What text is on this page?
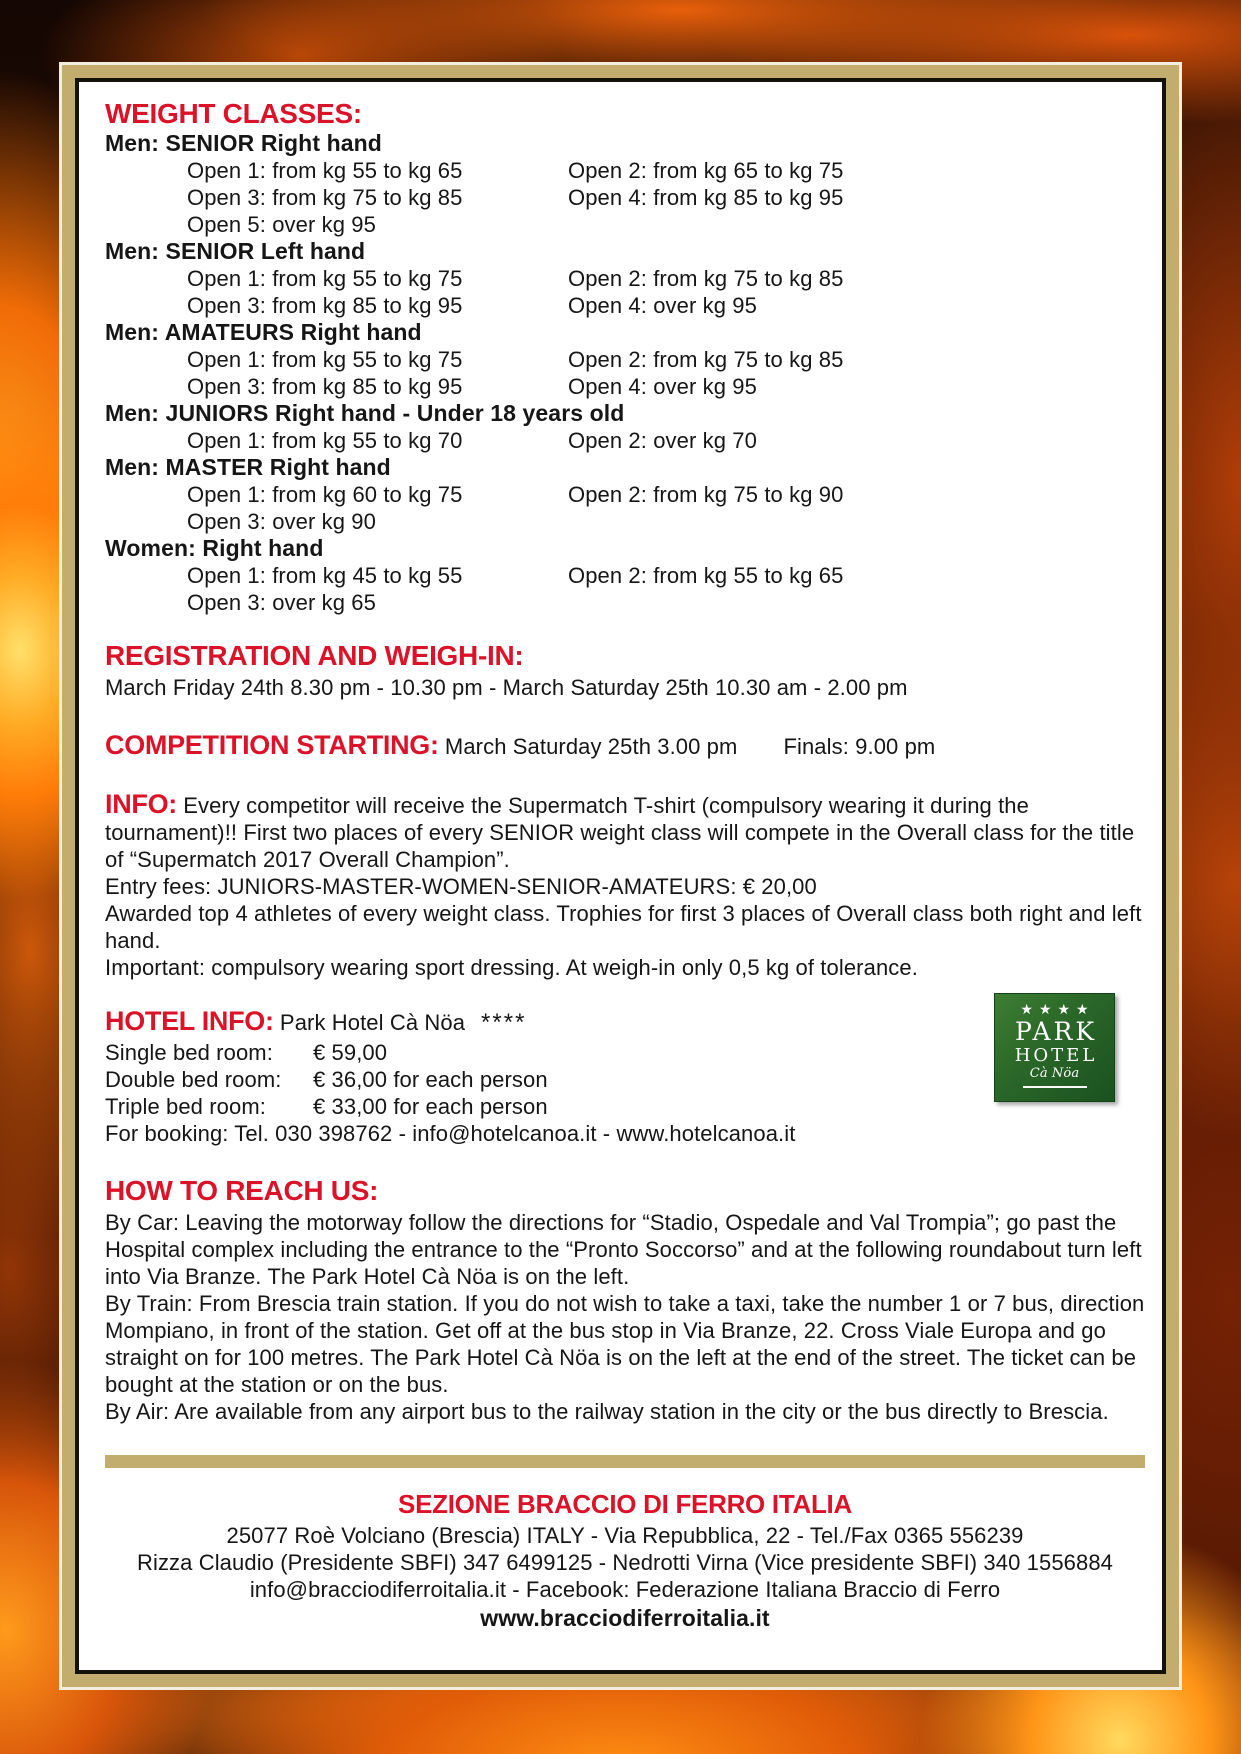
WEIGHT CLASSES:
Men: SENIOR Right hand
Open 1: from kg 55 to kg 65	Open 2: from kg 65 to kg 75
Open 3: from kg 75 to kg 85	Open 4: from kg 85 to kg 95
Open 5: over kg 95
Men: SENIOR Left hand
Open 1: from kg 55 to kg 75	Open 2: from kg 75 to kg 85
Open 3: from kg 85 to kg 95	Open 4: over kg 95
Men: AMATEURS Right hand
Open 1: from kg 55 to kg 75	Open 2: from kg 75 to kg 85
Open 3: from kg 85 to kg 95	Open 4: over kg 95
Men: JUNIORS Right hand - Under 18 years old
Open 1: from kg 55 to kg 70	Open 2: over kg 70
Men: MASTER Right hand
Open 1: from kg 60 to kg 75	Open 2: from kg 75 to kg 90
Open 3: over kg 90
Women: Right hand
Open 1: from kg 45 to kg 55	Open 2: from kg 55 to kg 65
Open 3: over kg 65
REGISTRATION AND WEIGH-IN:
March Friday 24th 8.30 pm - 10.30 pm - March Saturday 25th 10.30 am - 2.00 pm
COMPETITION STARTING: March Saturday 25th 3.00 pm Finals: 9.00 pm

INFO: Every competitor will receive the Supermatch T-shirt (compulsory wearing it during the tournament)!! First two places of every SENIOR weight class will compete in the Overall class for the title of “Supermatch 2017 Overall Champion”.

Entry fees: JUNIORS-MASTER-WOMEN-SENIOR-AMATEURS: € 20,00
Awarded top 4 athletes of every weight class. Trophies for first 3 places of Overall class both right and left hand.
Important: compulsory wearing sport dressing. At weigh-in only 0,5 kg of tolerance.
HOTEL INFO: Park Hotel Cà Nöa ****
Single bed room: € 59,00
Double bed room: € 36,00 for each person
Triple bed room: € 33,00 for each person
For booking: Tel. 030 398762 - info@hotelcanoa.it - www.hotelcanoa.it
★★★★
PARK
HOTEL
Cà Nöa
HOW TO REACH US:
By Car: Leaving the motorway follow the directions for “Stadio, Ospedale and Val Trompia”; go past the Hospital complex including the entrance to the “Pronto Soccorso” and at the following roundabout turn left into Via Branze. The Park Hotel Cà Nöa is on the left.
By Train: From Brescia train station. If you do not wish to take a taxi, take the number 1 or 7 bus, direction Mompiano, in front of the station. Get off at the bus stop in Via Branze, 22. Cross Viale Europa and go straight on for 100 metres. The Park Hotel Cà Nöa is on the left at the end of the street. The ticket can be bought at the station or on the bus.
By Air: Are available from any airport bus to the railway station in the city or the bus directly to Brescia.
SEZIONE BRACCIO DI FERRO ITALIA
25077 Roè Volciano (Brescia) ITALY - Via Repubblica, 22 - Tel./Fax 0365 556239
Rizza Claudio (Presidente SBFI) 347 6499125 - Nedrotti Virna (Vice presidente SBFI) 340 1556884
info@bracciodiferroitalia.it - Facebook: Federazione Italiana Braccio di Ferro
www.bracciodiferroitalia.it
